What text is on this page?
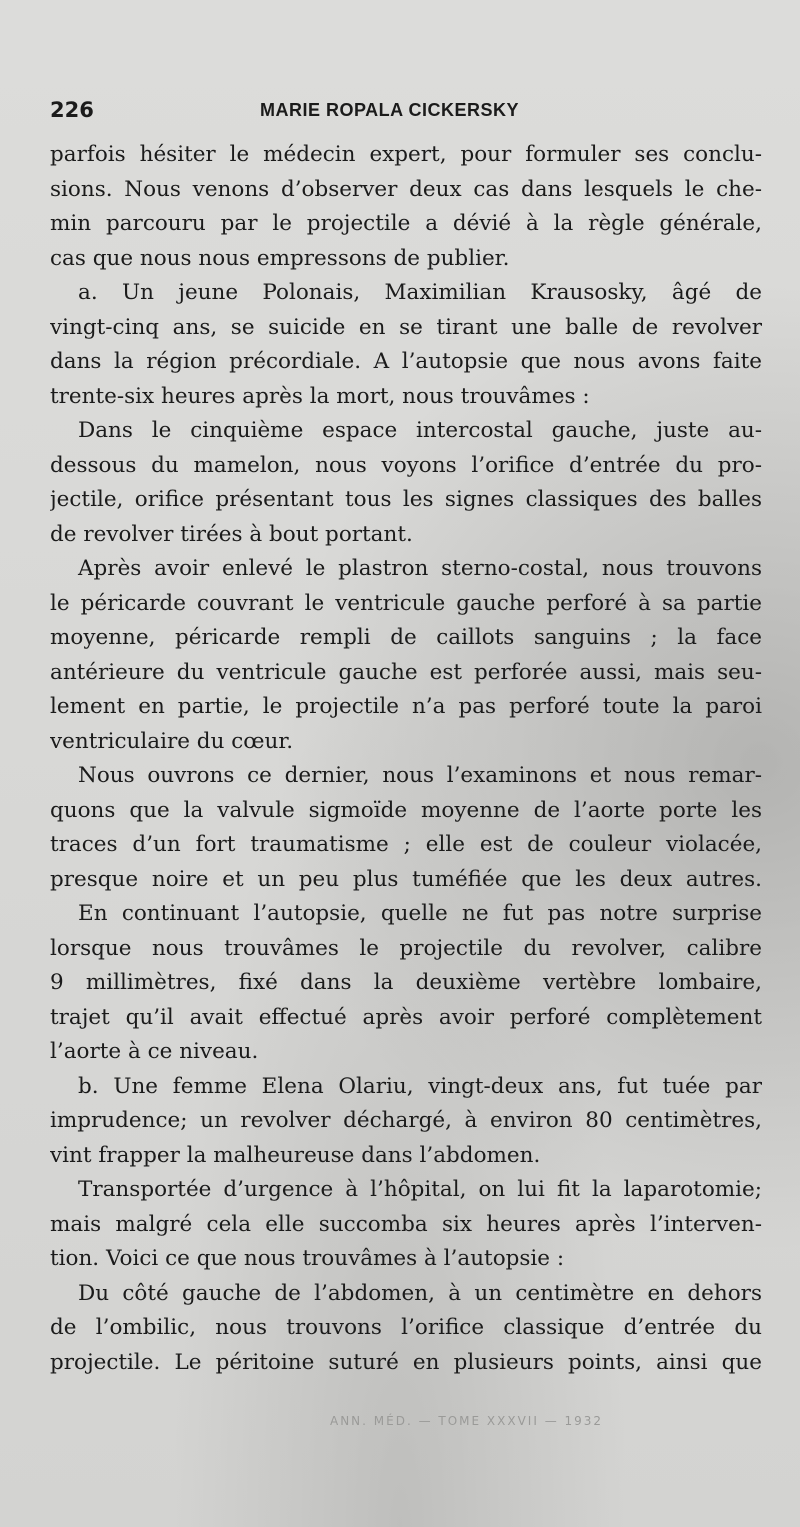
226	MARIE ROPALA CICKERSKY
parfois hésiter le médecin expert, pour formuler ses conclu-
sions. Nous venons d’observer deux cas dans lesquels le che-
min parcouru par le projectile a dévié à la règle générale,
cas que nous nous empressons de publier.
a. Un jeune Polonais, Maximilian Krausosky, âgé de
vingt-cinq ans, se suicide en se tirant une balle de revolver
dans la région précordiale. A l’autopsie que nous avons faite
trente-six heures après la mort, nous trouvâmes :
Dans le cinquième espace intercostal gauche, juste au-
dessous du mamelon, nous voyons l’orifice d’entrée du pro-
jectile, orifice présentant tous les signes classiques des balles
de revolver tirées à bout portant.
Après avoir enlevé le plastron sterno-costal, nous trouvons
le péricarde couvrant le ventricule gauche perforé à sa partie
moyenne, péricarde rempli de caillots sanguins ; la face
antérieure du ventricule gauche est perforée aussi, mais seu-
lement en partie, le projectile n’a pas perforé toute la paroi
ventriculaire du cœur.
Nous ouvrons ce dernier, nous l’examinons et nous remar-
quons que la valvule sigmoïde moyenne de l’aorte porte les
traces d’un fort traumatisme ; elle est de couleur violacée,
presque noire et un peu plus tuméfiée que les deux autres.
En continuant l’autopsie, quelle ne fut pas notre surprise
lorsque nous trouvâmes le projectile du revolver, calibre
9 millimètres, fixé dans la deuxième vertèbre lombaire,
trajet qu’il avait effectué après avoir perforé complètement
l’aorte à ce niveau.
b. Une femme Elena Olariu, vingt-deux ans, fut tuée par
imprudence; un revolver déchargé, à environ 80 centimètres,
vint frapper la malheureuse dans l’abdomen.
Transportée d’urgence à l’hôpital, on lui fit la laparotomie;
mais malgré cela elle succomba six heures après l’interven-
tion. Voici ce que nous trouvâmes à l’autopsie :
Du côté gauche de l’abdomen, à un centimètre en dehors
de l’ombilic, nous trouvons l’orifice classique d’entrée du
projectile. Le péritoine suturé en plusieurs points, ainsi que
ANN. MÉD. — TOME XXXVII — 1932
